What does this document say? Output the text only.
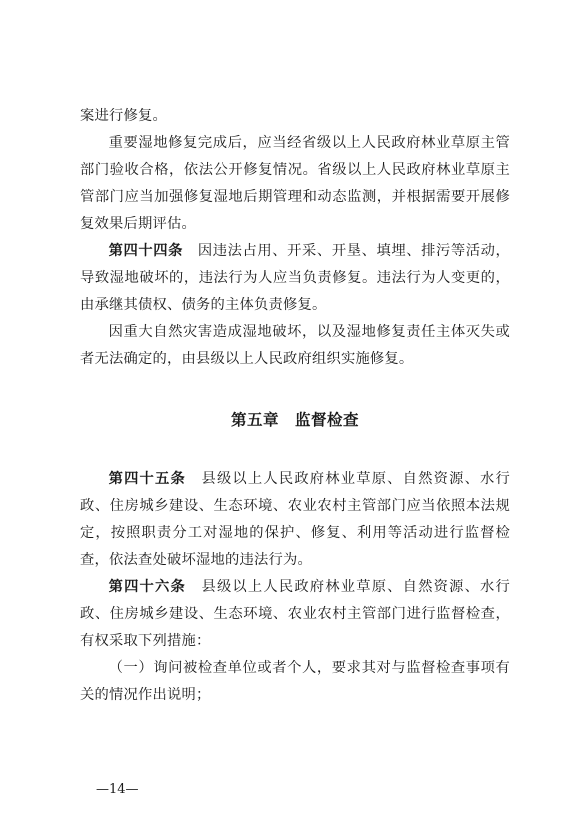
案进行修复。

重要湿地修复完成后，应当经省级以上人民政府林业草原主管部门验收合格，依法公开修复情况。省级以上人民政府林业草原主管部门应当加强修复湿地后期管理和动态监测，并根据需要开展修复效果后期评估。

第四十四条　 因违法占用、开采、开垦、填埋、排污等活动，导致湿地破坏的，违法行为人应当负责修复。违法行为人变更的，由承继其债权、债务的主体负责修复。

因重大自然灾害造成湿地破坏，以及湿地修复责任主体灭失或者无法确定的，由县级以上人民政府组织实施修复。

第五章　监督检查

第四十五条　 县级以上人民政府林业草原、自然资源、水行政、住房城乡建设、生态环境、农业农村主管部门应当依照本法规定，按照职责分工对湿地的保护、修复、利用等活动进行监督检查，依法查处破坏湿地的违法行为。

第四十六条　 县级以上人民政府林业草原、自然资源、水行政、住房城乡建设、生态环境、农业农村主管部门进行监督检查，有权采取下列措施：

（一）询问被检查单位或者个人，要求其对与监督检查事项有关的情况作出说明；

—14—
